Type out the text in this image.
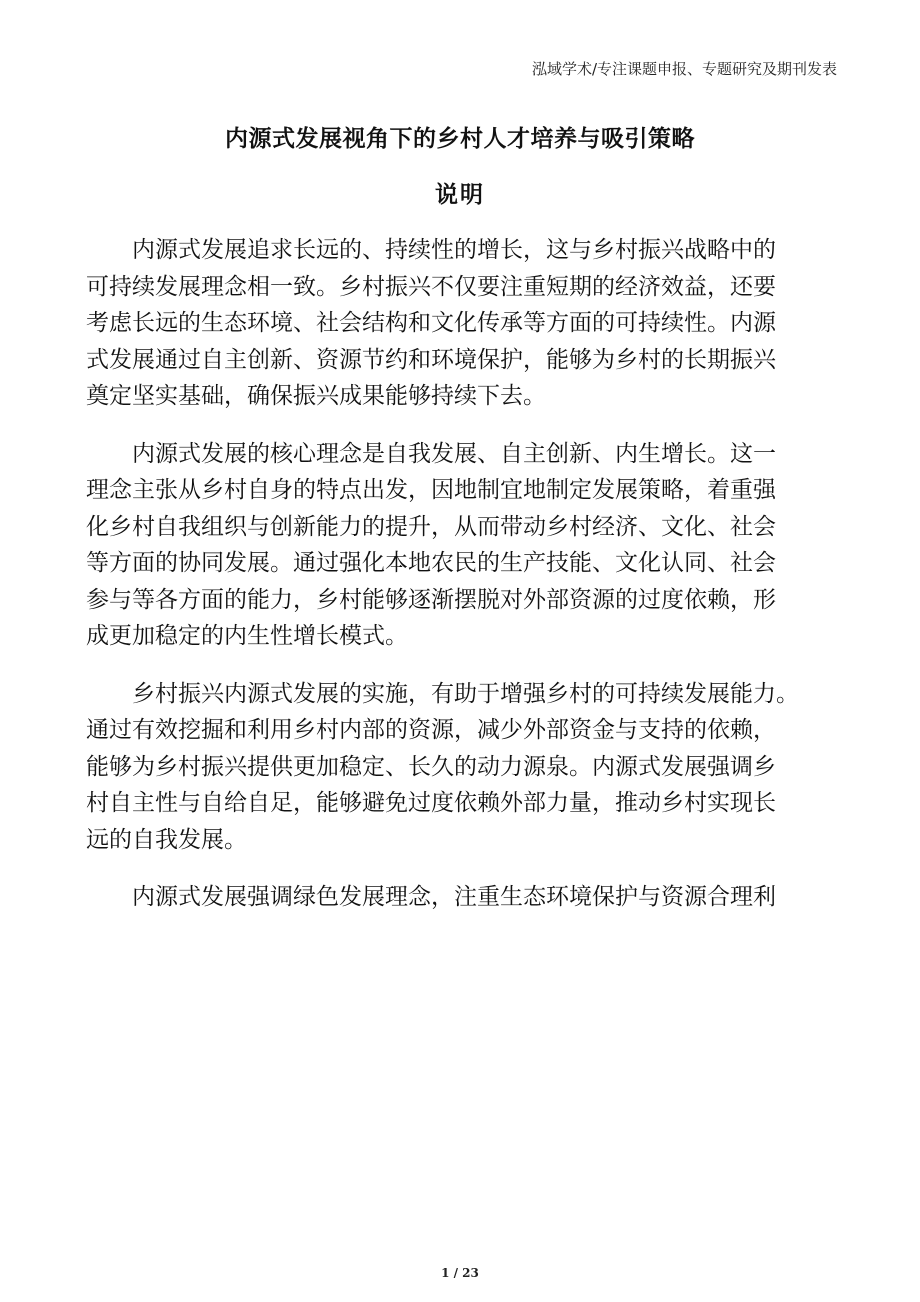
泓域学术/专注课题申报、专题研究及期刊发表
内源式发展视角下的乡村人才培养与吸引策略
说明
内源式发展追求长远的、持续性的增长，这与乡村振兴战略中的
可持续发展理念相一致。乡村振兴不仅要注重短期的经济效益，还要
考虑长远的生态环境、社会结构和文化传承等方面的可持续性。内源
式发展通过自主创新、资源节约和环境保护，能够为乡村的长期振兴
奠定坚实基础，确保振兴成果能够持续下去。
内源式发展的核心理念是自我发展、自主创新、内生增长。这一
理念主张从乡村自身的特点出发，因地制宜地制定发展策略，着重强
化乡村自我组织与创新能力的提升，从而带动乡村经济、文化、社会
等方面的协同发展。通过强化本地农民的生产技能、文化认同、社会
参与等各方面的能力，乡村能够逐渐摆脱对外部资源的过度依赖，形
成更加稳定的内生性增长模式。
乡村振兴内源式发展的实施，有助于增强乡村的可持续发展能力。
通过有效挖掘和利用乡村内部的资源，减少外部资金与支持的依赖，
能够为乡村振兴提供更加稳定、长久的动力源泉。内源式发展强调乡
村自主性与自给自足，能够避免过度依赖外部力量，推动乡村实现长
远的自我发展。
内源式发展强调绿色发展理念，注重生态环境保护与资源合理利
1 / 23
